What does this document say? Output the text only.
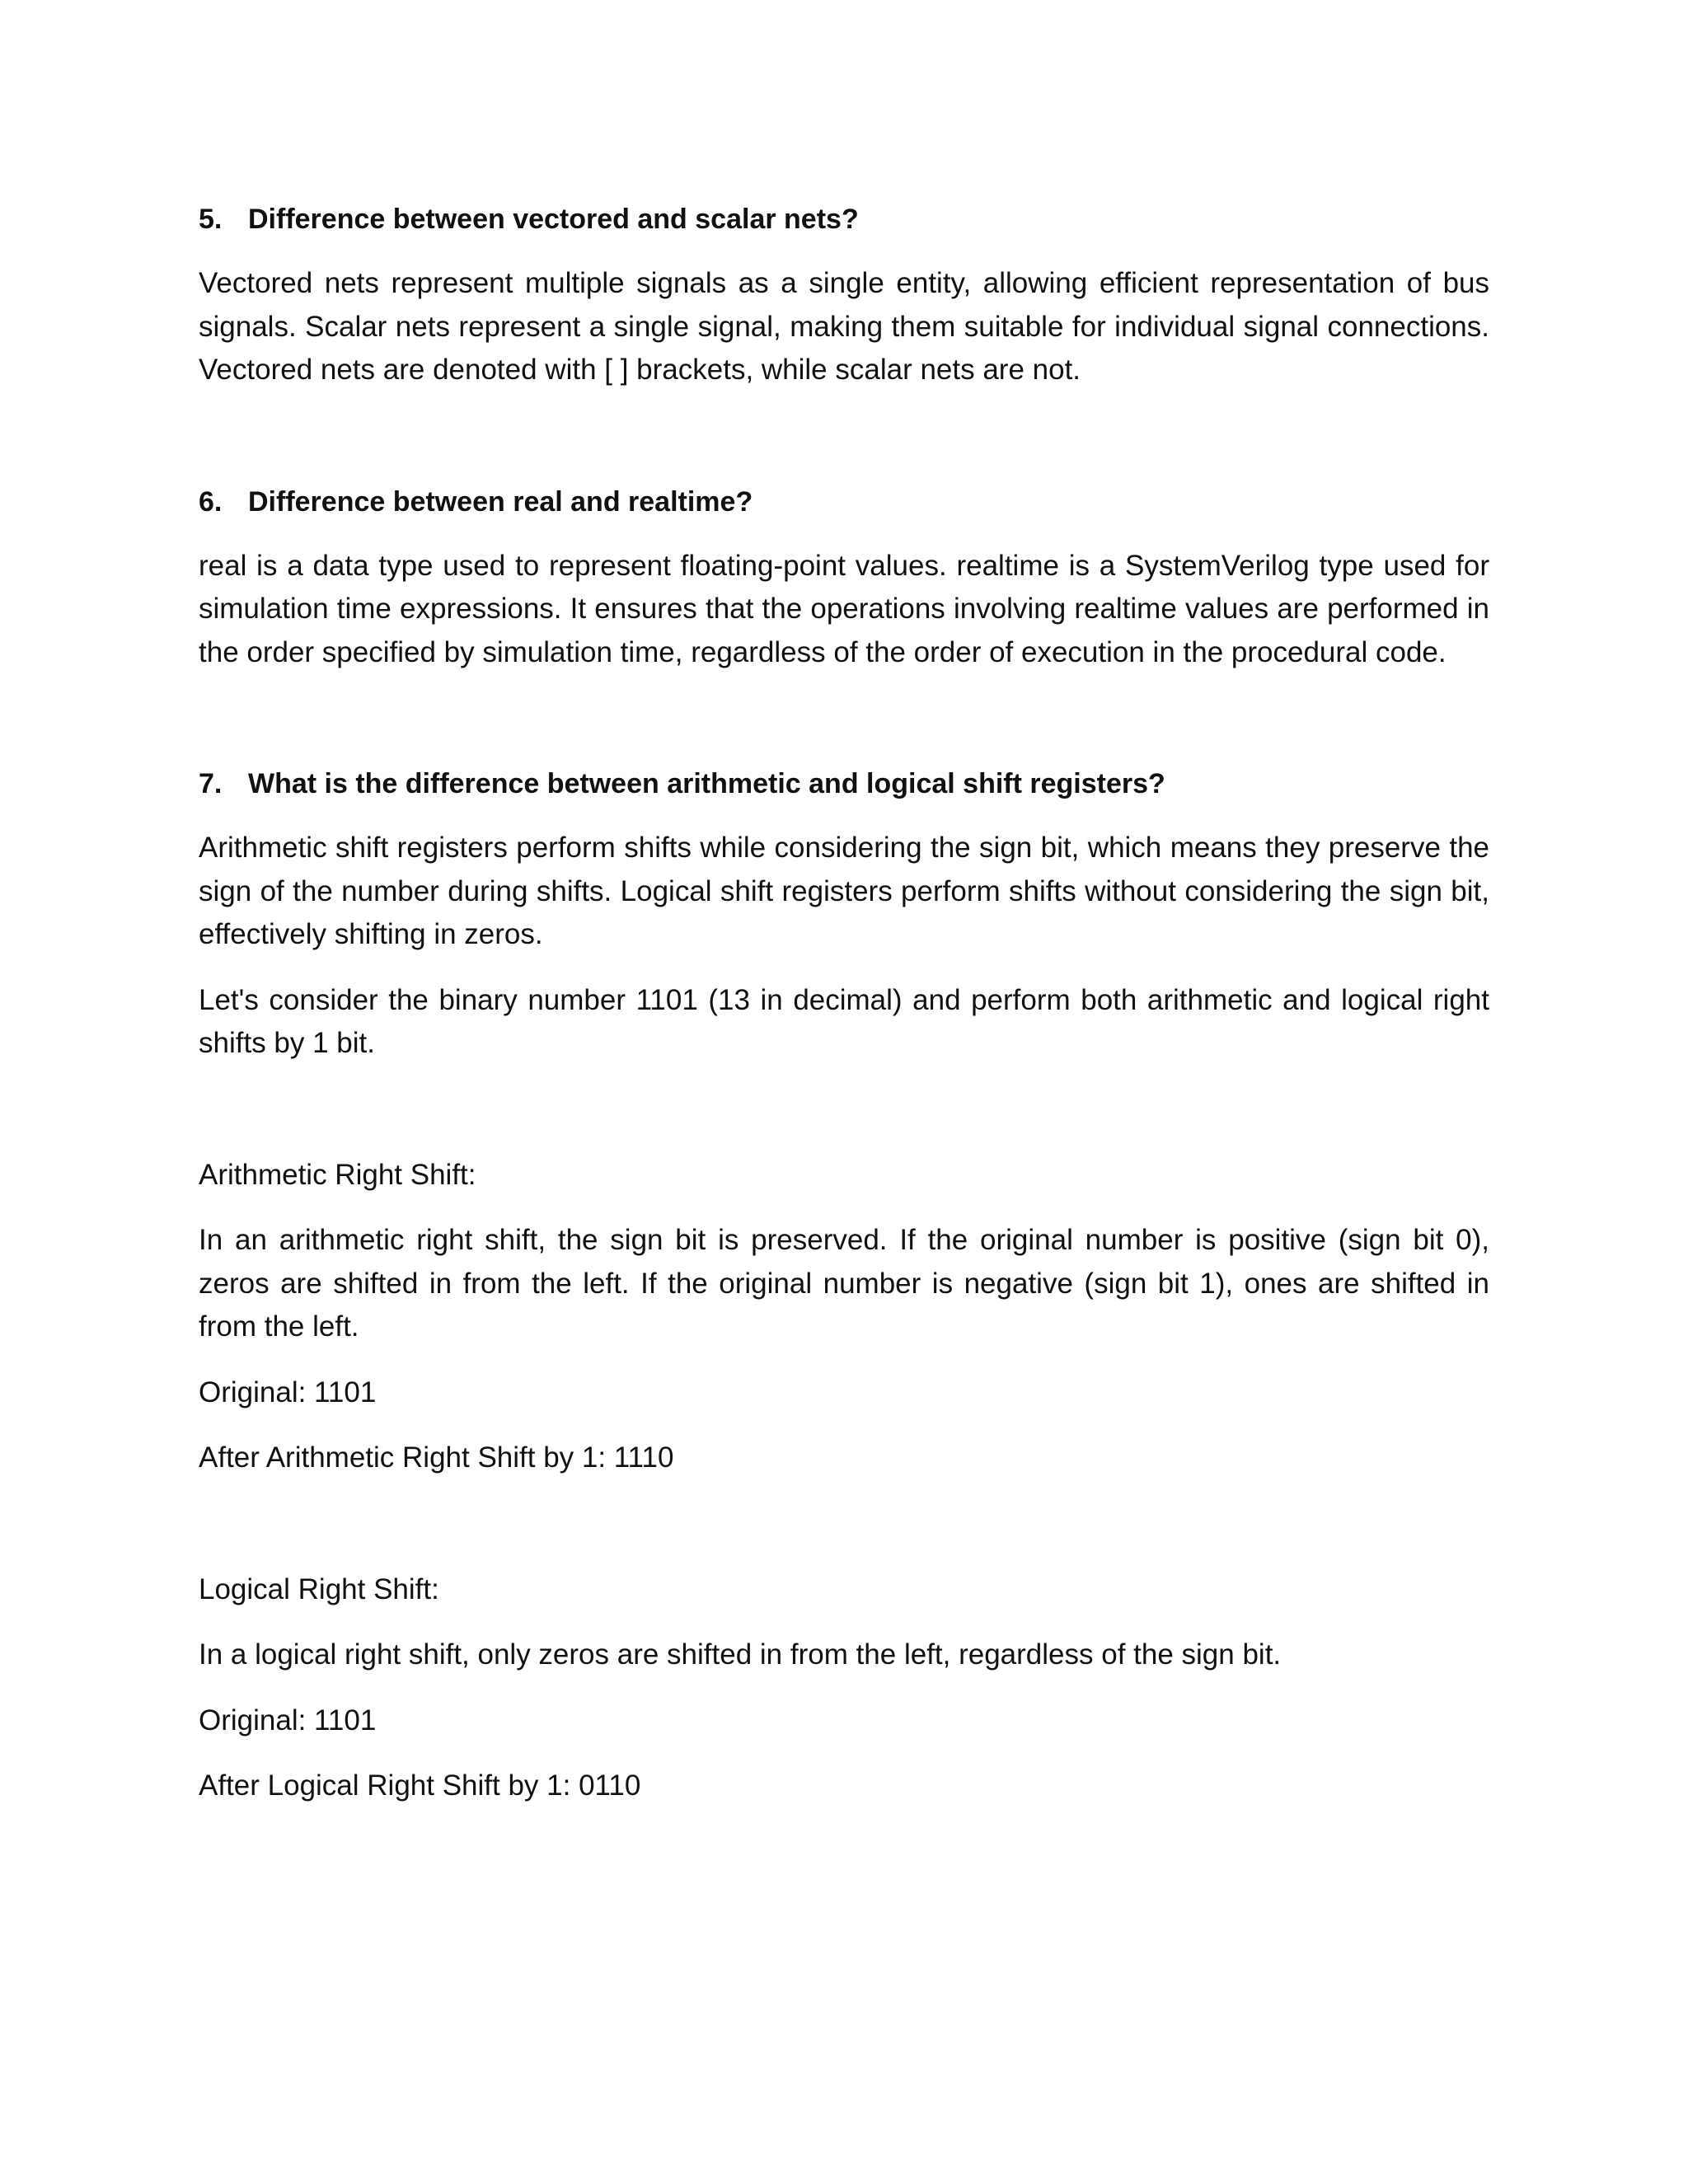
5. Difference between vectored and scalar nets?

Vectored nets represent multiple signals as a single entity, allowing efficient representation of bus signals. Scalar nets represent a single signal, making them suitable for individual signal connections. Vectored nets are denoted with [ ] brackets, while scalar nets are not.

6. Difference between real and realtime?

real is a data type used to represent floating-point values. realtime is a SystemVerilog type used for simulation time expressions. It ensures that the operations involving realtime values are performed in the order specified by simulation time, regardless of the order of execution in the procedural code.

7. What is the difference between arithmetic and logical shift registers?

Arithmetic shift registers perform shifts while considering the sign bit, which means they preserve the sign of the number during shifts. Logical shift registers perform shifts without considering the sign bit, effectively shifting in zeros.

Let's consider the binary number 1101 (13 in decimal) and perform both arithmetic and logical right shifts by 1 bit.

Arithmetic Right Shift:

In an arithmetic right shift, the sign bit is preserved. If the original number is positive (sign bit 0), zeros are shifted in from the left. If the original number is negative (sign bit 1), ones are shifted in from the left.

Original: 1101

After Arithmetic Right Shift by 1: 1110

Logical Right Shift:

In a logical right shift, only zeros are shifted in from the left, regardless of the sign bit.

Original: 1101

After Logical Right Shift by 1: 0110
